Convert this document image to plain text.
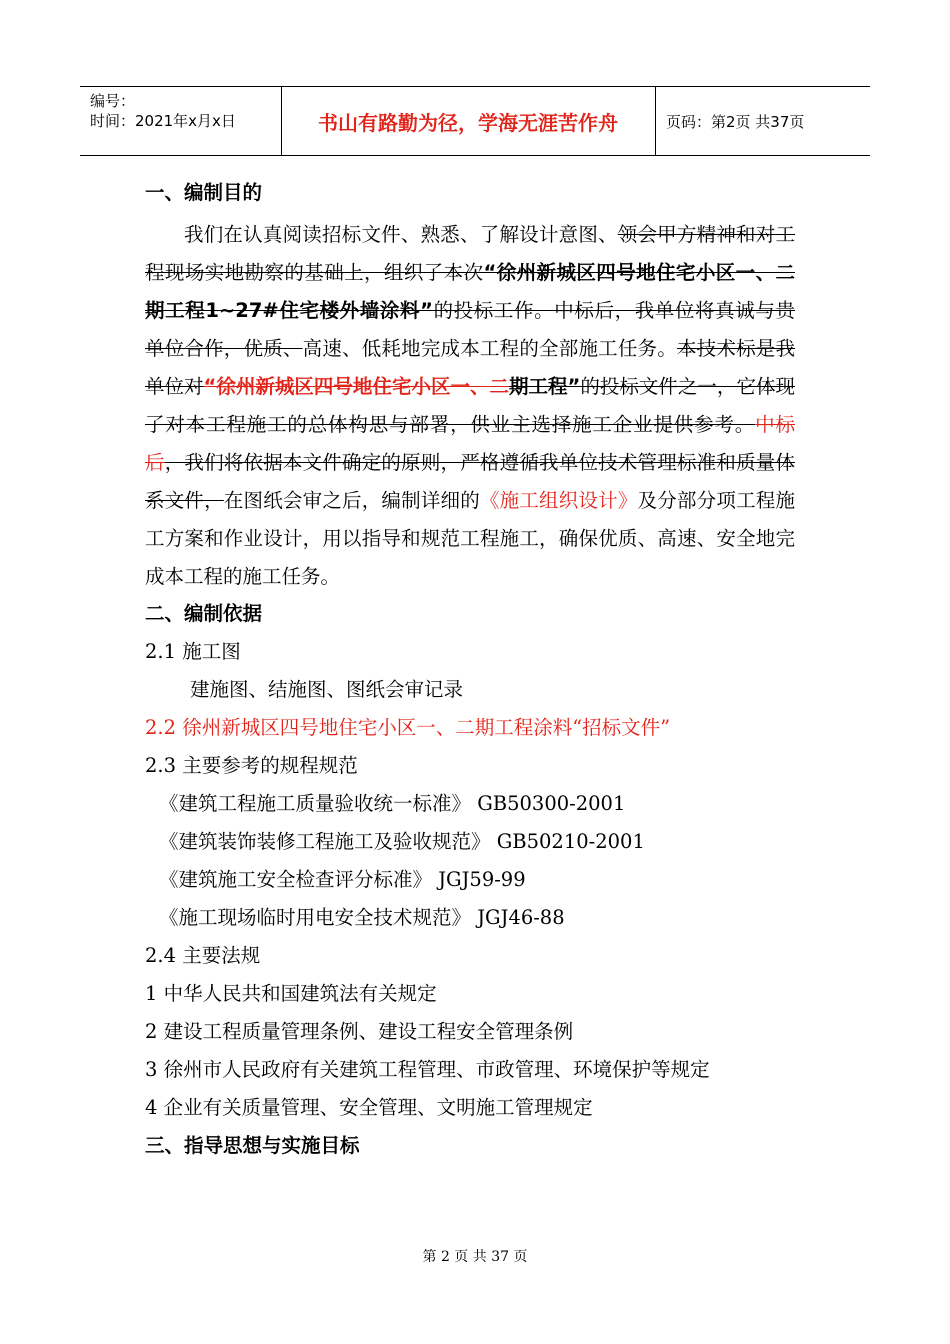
编号：
时间：2021年x月x日	书山有路勤为径，学海无涯苦作舟	页码：第2页 共37页
一、编制目的
我们在认真阅读招标文件、熟悉、了解设计意图、领会甲方精神和对工程现场实地勘察的基础上，组织了本次“徐州新城区四号地住宅小区一、二期工程1~27#住宅楼外墙涂料”的投标工作。中标后，我单位将真诚与贵单位合作，优质、高速、低耗地完成本工程的全部施工任务。本技术标是我单位对“徐州新城区四号地住宅小区一、二期工程”的投标文件之一，它体现了对本工程施工的总体构思与部署，供业主选择施工企业提供参考。中标后，我们将依据本文件确定的原则，严格遵循我单位技术管理标准和质量体系文件，在图纸会审之后，编制详细的《施工组织设计》及分部分项工程施工方案和作业设计，用以指导和规范工程施工，确保优质、高速、安全地完成本工程的施工任务。
二、编制依据
2.1 施工图
建施图、结施图、图纸会审记录
2.2 徐州新城区四号地住宅小区一、二期工程涂料“招标文件”
2.3 主要参考的规程规范
《建筑工程施工质量验收统一标准》 GB50300-2001
《建筑装饰装修工程施工及验收规范》 GB50210-2001
《建筑施工安全检查评分标准》 JGJ59-99
《施工现场临时用电安全技术规范》 JGJ46-88
2.4 主要法规
1 中华人民共和国建筑法有关规定
2 建设工程质量管理条例、建设工程安全管理条例
3 徐州市人民政府有关建筑工程管理、市政管理、环境保护等规定
4 企业有关质量管理、安全管理、文明施工管理规定
三、指导思想与实施目标
第 2 页 共 37 页
